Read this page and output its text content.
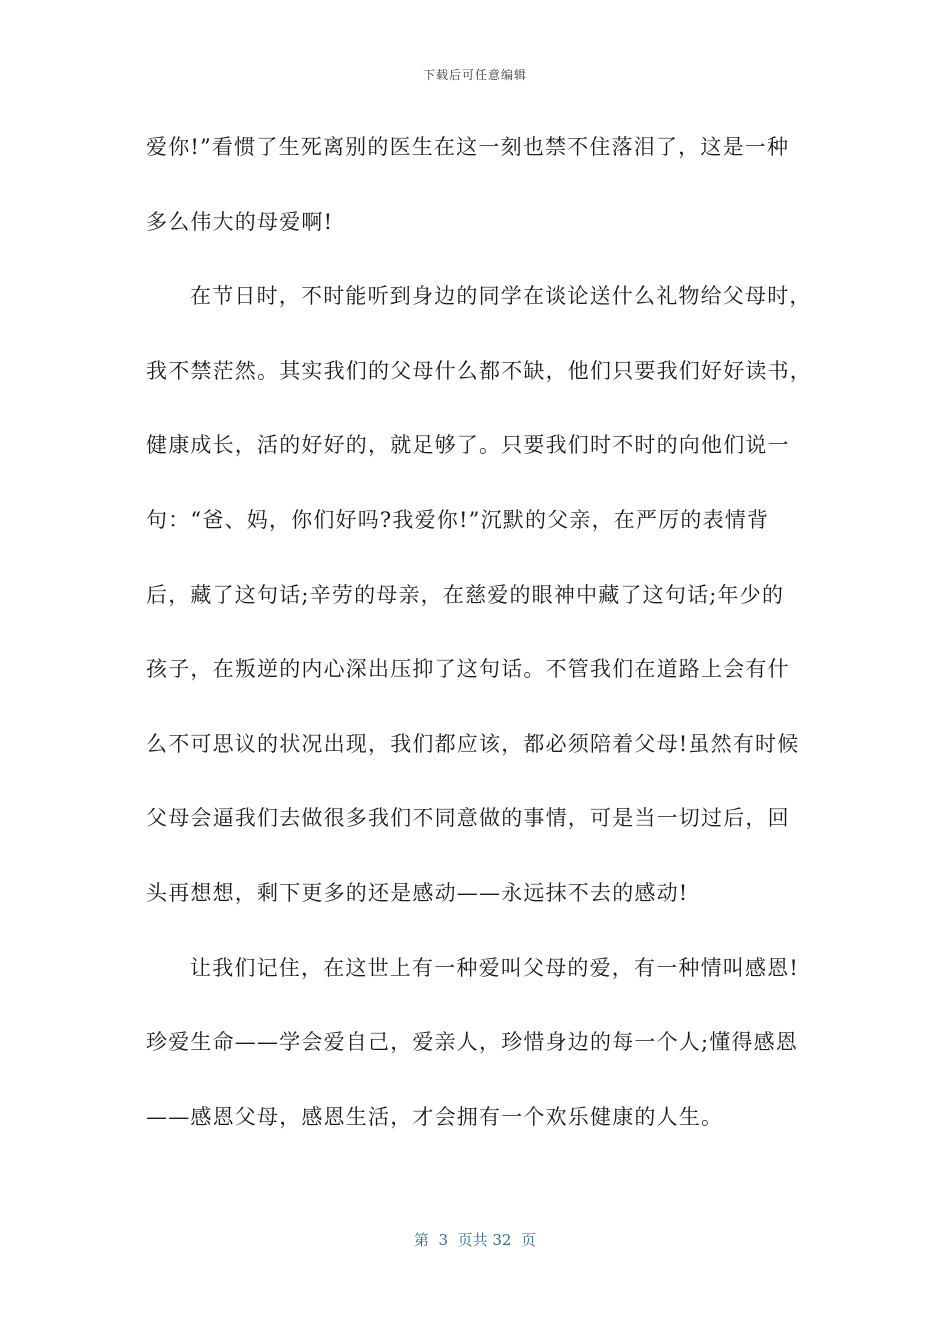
下载后可任意编辑
爱你!”看惯了生死离别的医生在这一刻也禁不住落泪了，这是一种
多么伟大的母爱啊!
在节日时，不时能听到身边的同学在谈论送什么礼物给父母时，
我不禁茫然。其实我们的父母什么都不缺，他们只要我们好好读书，
健康成长，活的好好的，就足够了。只要我们时不时的向他们说一
句：“爸、妈，你们好吗?我爱你!”沉默的父亲，在严厉的表情背
后，藏了这句话;辛劳的母亲，在慈爱的眼神中藏了这句话;年少的
孩子，在叛逆的内心深出压抑了这句话。不管我们在道路上会有什
么不可思议的状况出现，我们都应该，都必须陪着父母!虽然有时候
父母会逼我们去做很多我们不同意做的事情，可是当一切过后，回
头再想想，剩下更多的还是感动——永远抹不去的感动!
让我们记住，在这世上有一种爱叫父母的爱，有一种情叫感恩!
珍爱生命——学会爱自己，爱亲人，珍惜身边的每一个人;懂得感恩
——感恩父母，感恩生活，才会拥有一个欢乐健康的人生。
第  3  页共 32  页
